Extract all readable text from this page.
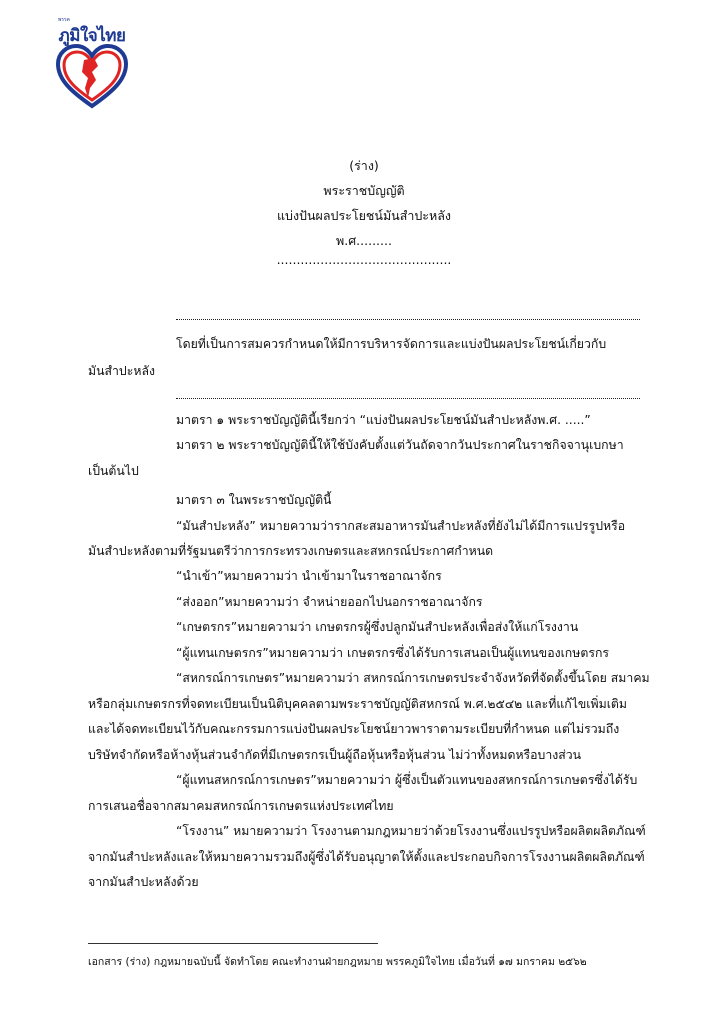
พรรค
ภูมิใจไทย
(ร่าง)
พระราชบัญญัติ
แบ่งปันผลประโยชน์มันสำปะหลัง
พ.ศ.........
............................................
โดยที่เป็นการสมควรกำหนดให้มีการบริหารจัดการและแบ่งปันผลประโยชน์เกี่ยวกับ
มันสำปะหลัง
มาตรา ๑ พระราชบัญญัตินี้เรียกว่า “แบ่งปันผลประโยชน์มันสำปะหลังพ.ศ. .....”
มาตรา ๒ พระราชบัญญัตินี้ให้ใช้บังคับตั้งแต่วันถัดจากวันประกาศในราชกิจจานุเบกษา
เป็นต้นไป
มาตรา ๓ ในพระราชบัญญัตินี้
“มันสำปะหลัง” หมายความว่ารากสะสมอาหารมันสำปะหลังที่ยังไม่ได้มีการแปรรูปหรือ
มันสำปะหลังตามที่รัฐมนตรีว่าการกระทรวงเกษตรและสหกรณ์ประกาศกำหนด
“นำเข้า”หมายความว่า นำเข้ามาในราชอาณาจักร
“ส่งออก”หมายความว่า จำหน่ายออกไปนอกราชอาณาจักร
“เกษตรกร”หมายความว่า เกษตรกรผู้ซึ่งปลูกมันสำปะหลังเพื่อส่งให้แก่โรงงาน
“ผู้แทนเกษตรกร”หมายความว่า เกษตรกรซึ่งได้รับการเสนอเป็นผู้แทนของเกษตรกร
“สหกรณ์การเกษตร”หมายความว่า สหกรณ์การเกษตรประจำจังหวัดที่จัดตั้งขึ้นโดย สมาคม
หรือกลุ่มเกษตรกรที่จดทะเบียนเป็นนิติบุคคลตามพระราชบัญญัติสหกรณ์ พ.ศ.๒๕๔๒ และที่แก้ไขเพิ่มเติม
และได้จดทะเบียนไว้กับคณะกรรมการแบ่งปันผลประโยชน์ยาวพาราตามระเบียบที่กำหนด แต่ไม่รวมถึง
บริษัทจำกัดหรือห้างหุ้นส่วนจำกัดที่มีเกษตรกรเป็นผู้ถือหุ้นหรือหุ้นส่วน ไม่ว่าทั้งหมดหรือบางส่วน
“ผู้แทนสหกรณ์การเกษตร”หมายความว่า ผู้ซึ่งเป็นตัวแทนของสหกรณ์การเกษตรซึ่งได้รับ
การเสนอชื่อจากสมาคมสหกรณ์การเกษตรแห่งประเทศไทย
“โรงงาน” หมายความว่า โรงงานตามกฎหมายว่าด้วยโรงงานซึ่งแปรรูปหรือผลิตผลิตภัณฑ์
จากมันสำปะหลังและให้หมายความรวมถึงผู้ซึ่งได้รับอนุญาตให้ตั้งและประกอบกิจการโรงงานผลิตผลิตภัณฑ์
จากมันสำปะหลังด้วย
เอกสาร (ร่าง) กฎหมายฉบับนี้ จัดทำโดย คณะทำงานฝ่ายกฎหมาย พรรคภูมิใจไทย เมื่อวันที่ ๑๗ มกราคม ๒๕๖๒
